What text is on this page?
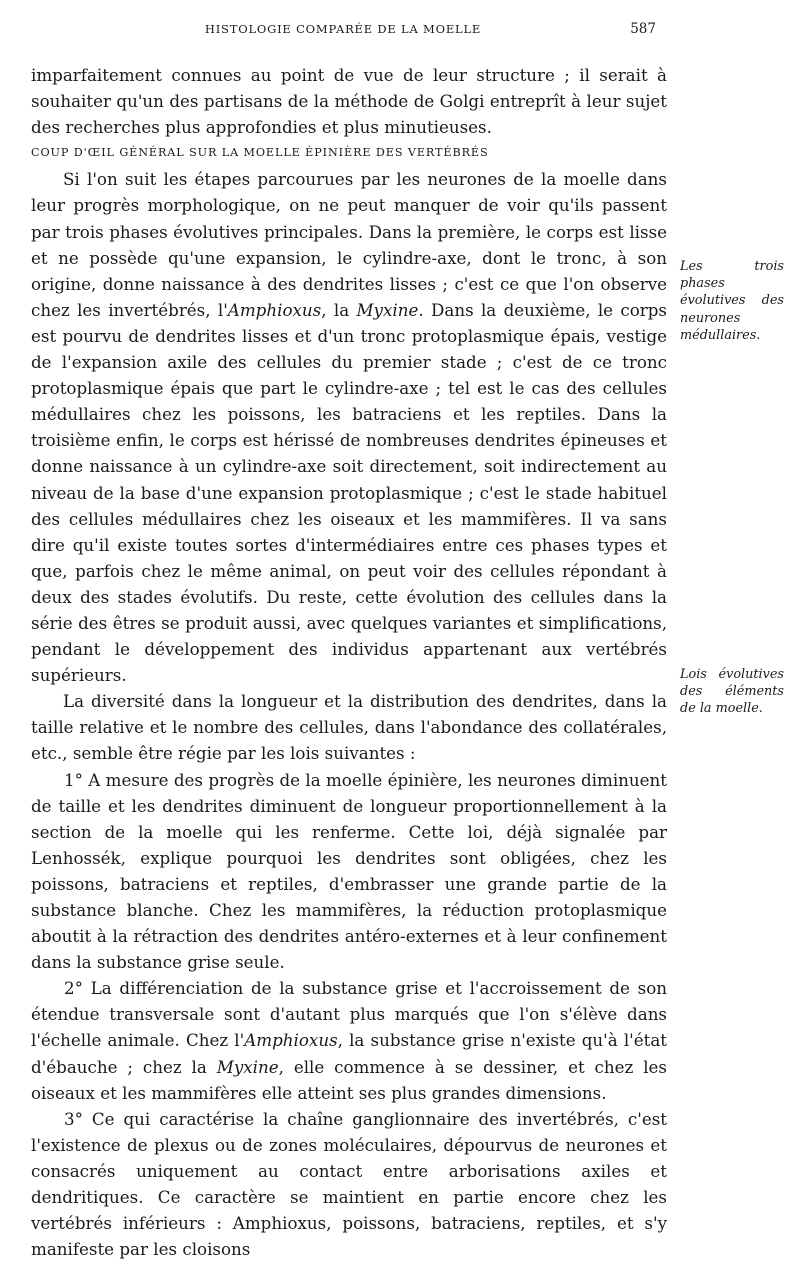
HISTOLOGIE COMPARÉE DE LA MOELLE	587

imparfaitement connues au point de vue de leur structure ; il serait à souhaiter qu'un des partisans de la méthode de Golgi entreprît à leur sujet des recherches plus approfondies et plus minutieuses.

COUP D'ŒIL GÉNÉRAL SUR LA MOELLE ÉPINIÈRE DES VERTÉBRÉS

Si l'on suit les étapes parcourues par les neurones de la moelle dans leur progrès morphologique, on ne peut manquer de voir qu'ils passent par trois phases évolutives principales. Dans la première, le corps est lisse et ne possède qu'une expansion, le cylindre-axe, dont le tronc, à son origine, donne naissance à des dendrites lisses ; c'est ce que l'on observe chez les invertébrés, l'Amphioxus, la Myxine. Dans la deuxième, le corps est pourvu de dendrites lisses et d'un tronc protoplasmique épais, vestige de l'expansion axile des cellules du premier stade ; c'est de ce tronc protoplasmique épais que part le cylindre-axe ; tel est le cas des cellules médullaires chez les poissons, les batraciens et les reptiles. Dans la troisième enfin, le corps est hérissé de nombreuses dendrites épineuses et donne naissance à un cylindre-axe soit directement, soit indirectement au niveau de la base d'une expansion protoplasmique ; c'est le stade habituel des cellules médullaires chez les oiseaux et les mammifères. Il va sans dire qu'il existe toutes sortes d'intermédiaires entre ces phases types et que, parfois chez le même animal, on peut voir des cellules répondant à deux des stades évolutifs. Du reste, cette évolution des cellules dans la série des êtres se produit aussi, avec quelques variantes et simplifications, pendant le développement des individus appartenant aux vertébrés supérieurs.

La diversité dans la longueur et la distribution des dendrites, dans la taille relative et le nombre des cellules, dans l'abondance des collatérales, etc., semble être régie par les lois suivantes :

1° A mesure des progrès de la moelle épinière, les neurones diminuent de taille et les dendrites diminuent de longueur proportionnellement à la section de la moelle qui les renferme. Cette loi, déjà signalée par Lenhossék, explique pourquoi les dendrites sont obligées, chez les poissons, batraciens et reptiles, d'embrasser une grande partie de la substance blanche. Chez les mammifères, la réduction protoplasmique aboutit à la rétraction des dendrites antéro-externes et à leur confinement dans la substance grise seule.

2° La différenciation de la substance grise et l'accroissement de son étendue transversale sont d'autant plus marqués que l'on s'élève dans l'échelle animale. Chez l'Amphioxus, la substance grise n'existe qu'à l'état d'ébauche ; chez la Myxine, elle commence à se dessiner, et chez les oiseaux et les mammifères elle atteint ses plus grandes dimensions.

3° Ce qui caractérise la chaîne ganglionnaire des invertébrés, c'est l'existence de plexus ou de zones moléculaires, dépourvus de neurones et consacrés uniquement au contact entre arborisations axiles et dendritiques. Ce caractère se maintient en partie encore chez les vertébrés inférieurs : Amphioxus, poissons, batraciens, reptiles, et s'y manifeste par les cloisons

Les trois phases évolutives des neurones médullaires.
Lois évolutives des éléments de la moelle.
